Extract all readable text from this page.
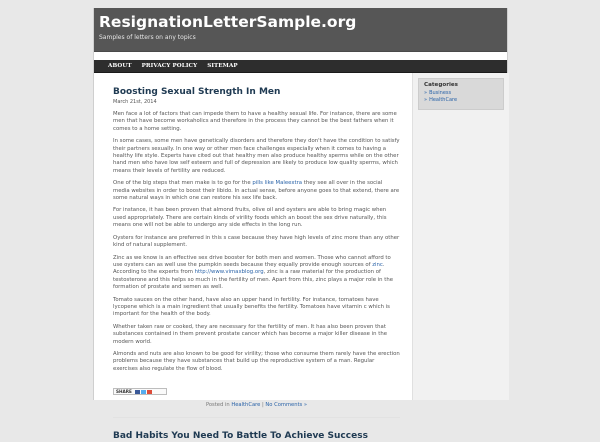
ResignationLetterSample.org
Samples of letters on any topics
ABOUT PRIVACY POLICY SITEMAP
Boosting Sexual Strength In Men
March 21st, 2014

Men face a lot of factors that can impede them to have a healthy sexual life. For instance, there are some men that have become workaholics and therefore in the process they cannot be the best fathers when it comes to a home setting.

In some cases, some men have genetically disorders and therefore they don't have the condition to satisfy their partners sexually. In one way or other men face challenges especially when it comes to having a healthy life style. Experts have cited out that healthy men also produce healthy sperms while on the other hand men who have low self esteem and full of depression are likely to produce low quality sperms, which means their levels of fertility are reduced.

One of the big steps that men make is to go for the pills like Maleextra they see all over in the social media websites in order to boost their libido. In actual sense, before anyone goes to that extend, there are some natural ways in which one can restore his sex life back.

For instance, it has been proven that almond fruits, olive oil and oysters are able to bring magic when used appropriately. There are certain kinds of virility foods which an boost the sex drive naturally, this means one will not be able to undergo any side effects in the long run.

Oysters for instance are preferred in this s case because they have high levels of zinc more than any other kind of natural supplement.

Zinc as we know is an effective sex drive booster for both men and women. Those who cannot afford to use oysters can as well use the pumpkin seeds because they equally provide enough sources of zinc. According to the experts from http://www.vimaxblog.org, zinc is a raw material for the production of testosterone and this helps so much in the fertility of men. Apart from this, zinc plays a major role in the formation of prostate and semen as well.

Tomato sauces on the other hand, have also an upper hand in fertility. For instance, tomatoes have lycopene which is a main ingredient that usually benefits the fertility. Tomatoes have vitamin c which is important for the health of the body.

Whether taken raw or cooked, they are necessary for the fertility of men. It has also been proven that substances contained in them prevent prostate cancer which has become a major killer disease in the modern world.

Almonds and nuts are also known to be good for virility; those who consume them rarely have the erection problems because they have substances that build up the reproductive system of a man. Regular exercises also regulate the flow of blood.

SHARE
Posted in HealthCare | No Comments »
Bad Habits You Need To Battle To Achieve Success
Categories
» Business
» HealthCare
